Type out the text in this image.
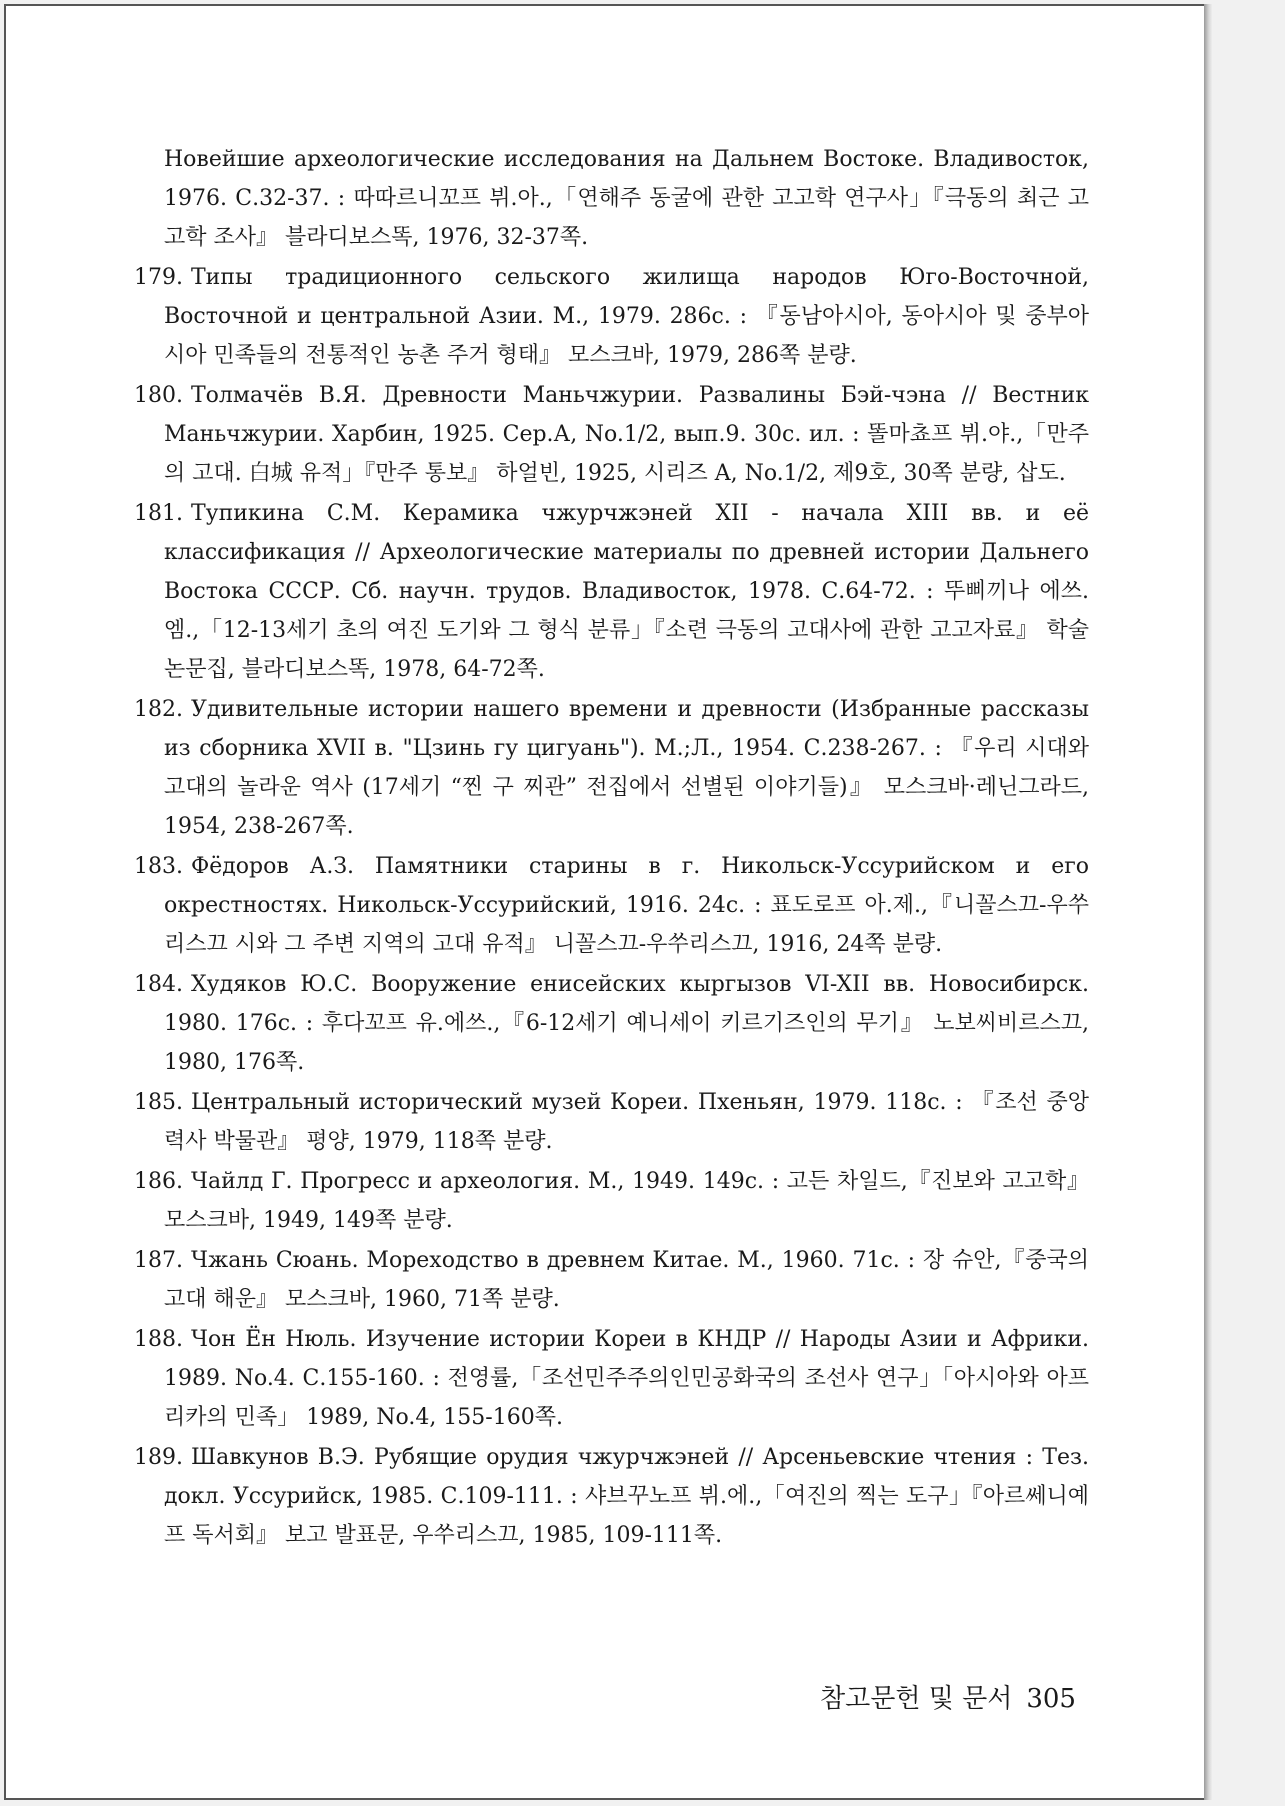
Новейшие археологические исследования на Дальнем Востоке. Владивосток, 1976. С.32-37. : 따따르니꼬프 뷔.아.,「연해주 동굴에 관한 고고학 연구사」『극동의 최근 고고학 조사』 블라디보스똑, 1976, 32-37쪽.
179. Типы традиционного сельского жилища народов Юго-Восточной, Восточной и центральной Азии. М., 1979. 286с. : 『동남아시아, 동아시아 및 중부아시아 민족들의 전통적인 농촌 주거 형태』 모스크바, 1979, 286쪽 분량.
180. Толмачёв В.Я. Древности Маньчжурии. Развалины Бэй-чэна // Вестник Маньчжурии. Харбин, 1925. Сер.А, No.1/2, вып.9. 30с. ил. : 똘마쵸프 뷔.야.,「만주의 고대. 白城 유적」『만주 통보』 하얼빈, 1925, 시리즈 A, No.1/2, 제9호, 30쪽 분량, 삽도.
181. Тупикина С.М. Керамика чжурчжэней XII - начала XIII вв. и её классификация // Археологические материалы по древней истории Дальнего Востока СССР. Сб. научн. трудов. Владивосток, 1978. С.64-72. : 뚜삐끼나 에쓰.엠.,「12-13세기 초의 여진 도기와 그 형식 분류」『소련 극동의 고대사에 관한 고고자료』 학술논문집, 블라디보스똑, 1978, 64-72쪽.
182. Удивительные истории нашего времени и древности (Избранные рассказы из сборника XVII в. "Цзинь гу цигуань"). М.;Л., 1954. С.238-267. : 『우리 시대와 고대의 놀라운 역사 (17세기 “찐 구 찌관” 전집에서 선별된 이야기들)』 모스크바·레닌그라드, 1954, 238-267쪽.
183. Фёдоров А.З. Памятники старины в г. Никольск-Уссурийском и его окрестностях. Никольск-Уссурийский, 1916. 24с. : 표도로프 아.제.,『니꼴스끄-우쑤리스끄 시와 그 주변 지역의 고대 유적』 니꼴스끄-우쑤리스끄, 1916, 24쪽 분량.
184. Худяков Ю.С. Вооружение енисейских кыргызов VI-XII вв. Новосибирск. 1980. 176с. : 후다꼬프 유.에쓰.,『6-12세기 예니세이 키르기즈인의 무기』 노보씨비르스끄, 1980, 176쪽.
185. Центральный исторический музей Кореи. Пхеньян, 1979. 118с. : 『조선 중앙력사 박물관』 평양, 1979, 118쪽 분량.
186. Чайлд Г. Прогресс и археология. М., 1949. 149с. : 고든 차일드,『진보와 고고학』 모스크바, 1949, 149쪽 분량.
187. Чжань Сюань. Мореходство в древнем Китае. М., 1960. 71с. : 장 슈안,『중국의 고대 해운』 모스크바, 1960, 71쪽 분량.
188. Чон Ён Нюль. Изучение истории Кореи в КНДР // Народы Азии и Африки. 1989. No.4. С.155-160. : 전영률,「조선민주주의인민공화국의 조선사 연구」「아시아와 아프리카의 민족」 1989, No.4, 155-160쪽.
189. Шавкунов В.Э. Рубящие орудия чжурчжэней // Арсеньевские чтения : Тез. докл. Уссурийск, 1985. С.109-111. : 샤브꾸노프 뷔.에.,「여진의 찍는 도구」『아르쎄니예프 독서회』 보고 발표문, 우쑤리스끄, 1985, 109-111쪽.
참고문헌 및 문서 305
